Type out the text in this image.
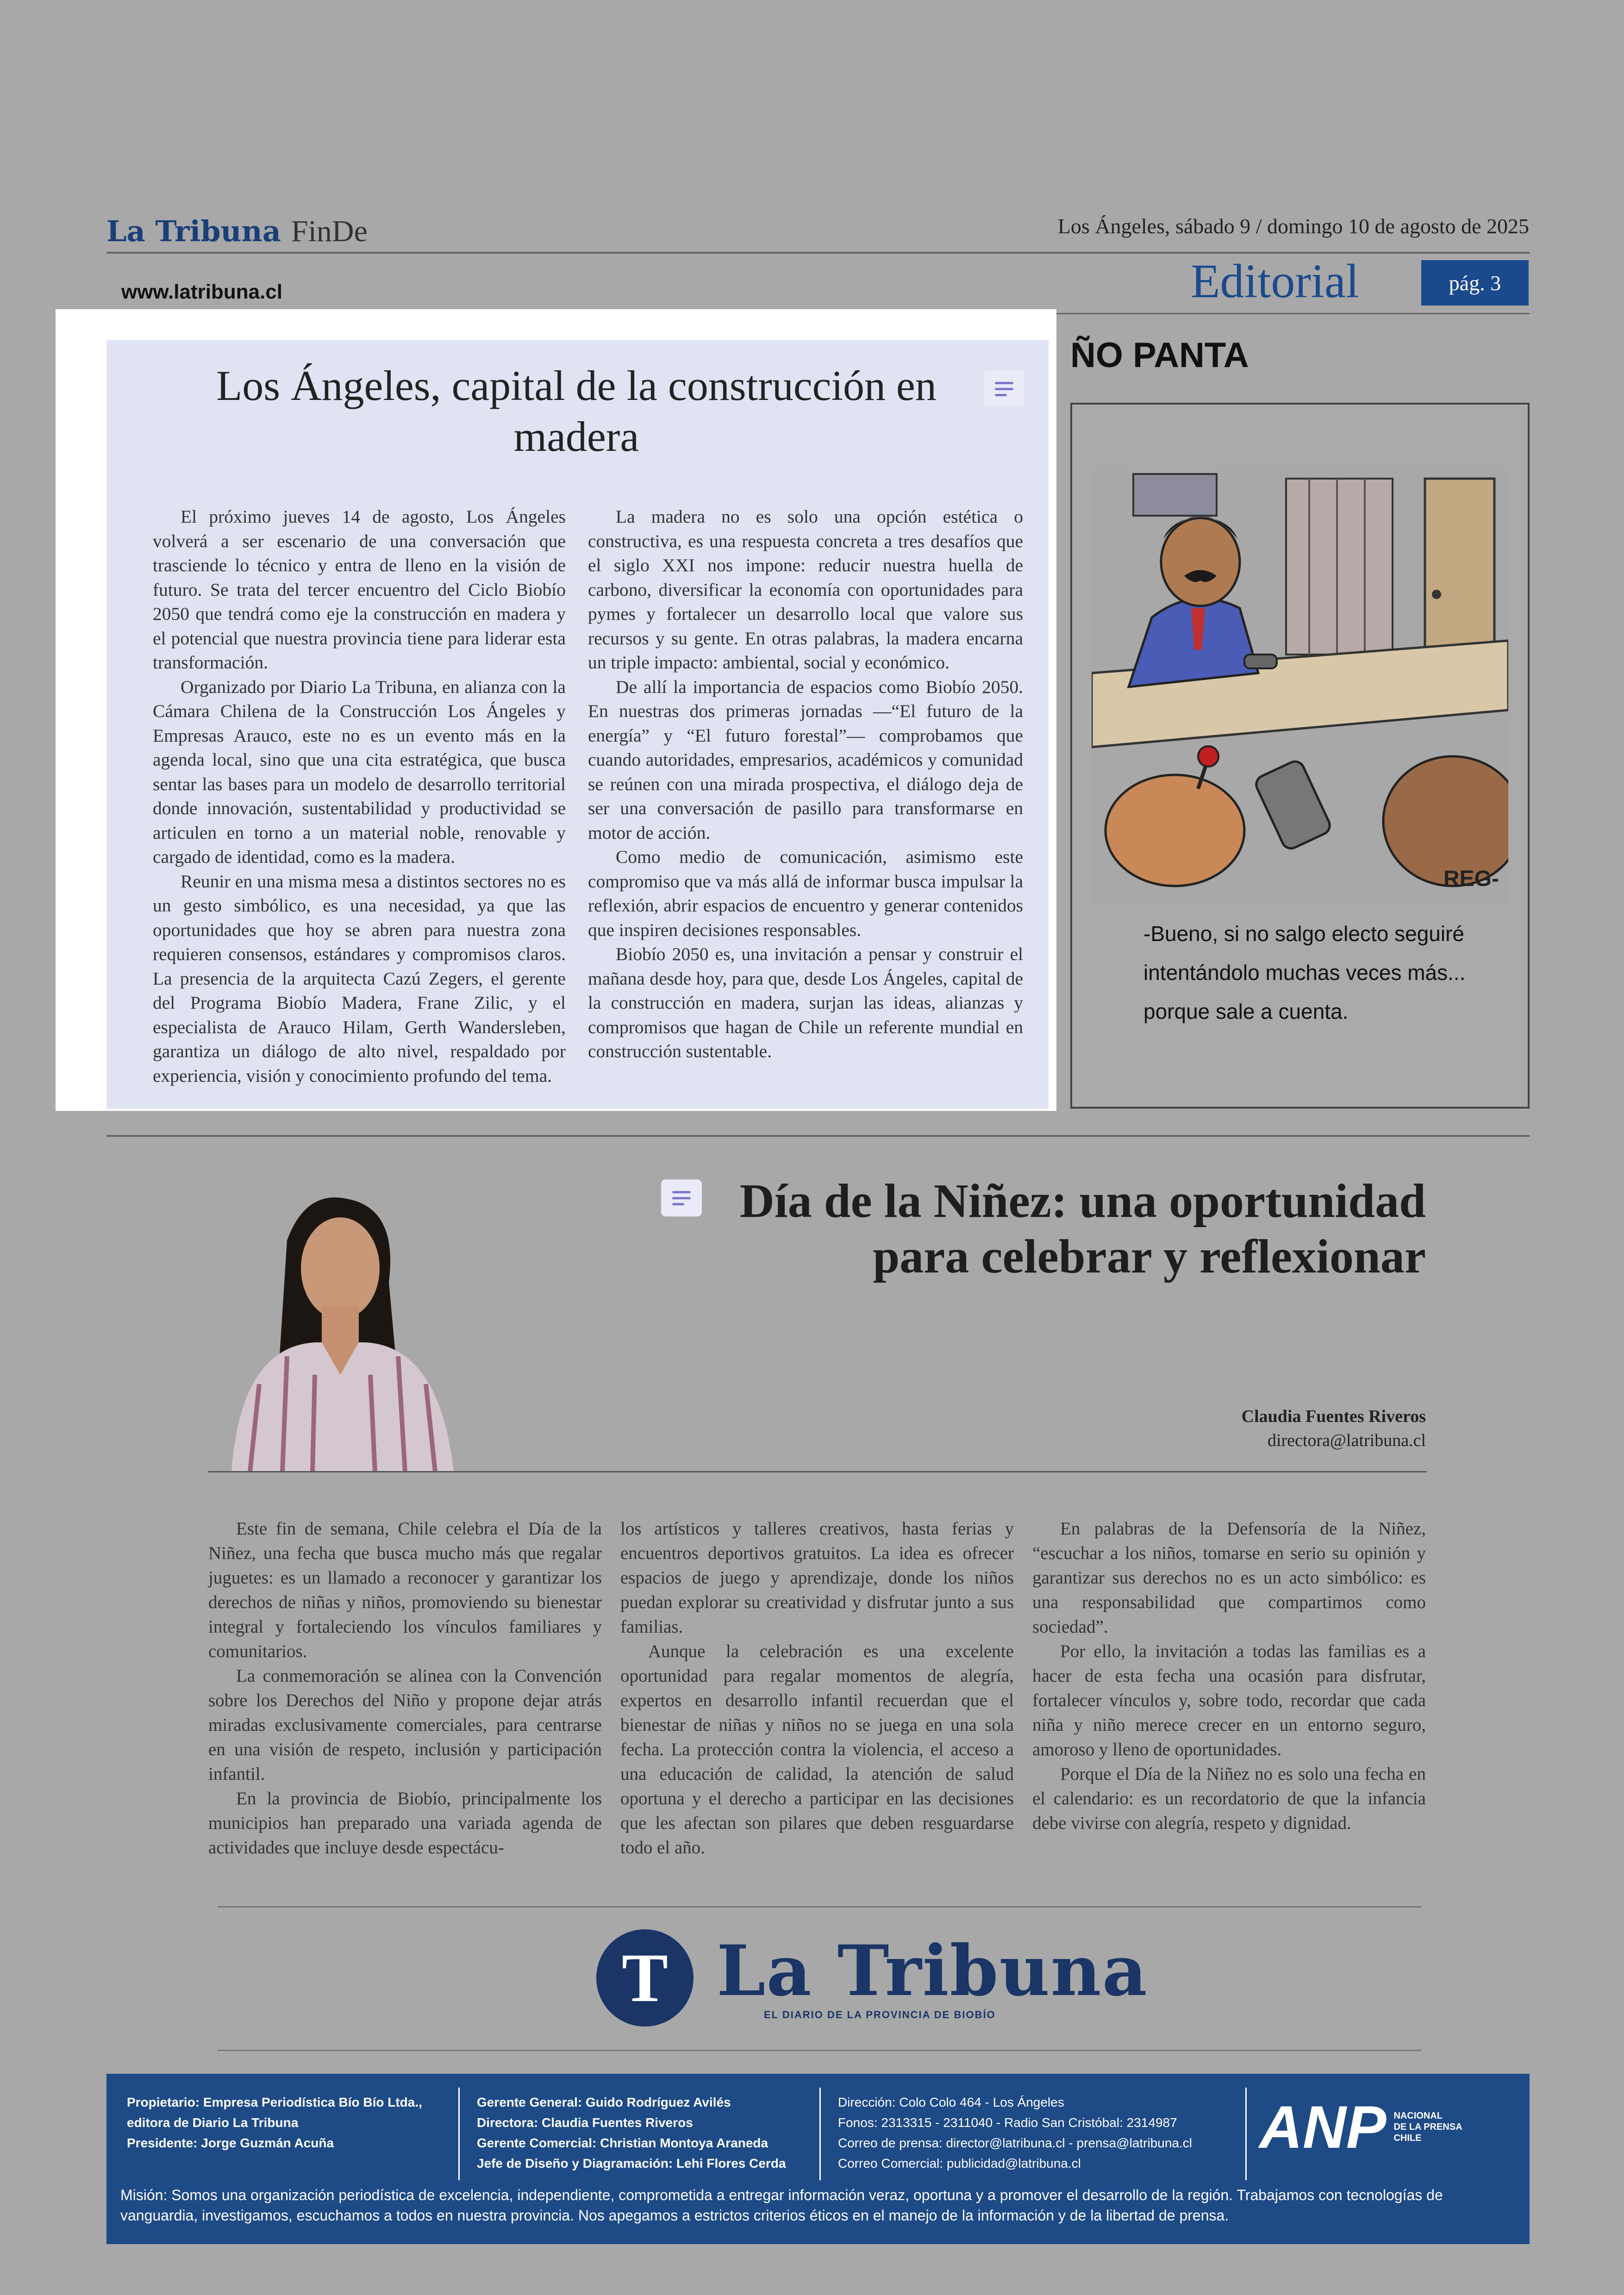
La Tribuna FinDe	Los Ángeles, sábado 9 / domingo 10 de agosto de 2025
www.latribuna.cl	Editorial	pág. 3
Los Ángeles, capital de la construcción en madera

El próximo jueves 14 de agosto, Los Ángeles volverá a ser escenario de una conversación que trasciende lo técnico y entra de lleno en la visión de futuro. Se trata del tercer encuentro del Ciclo Biobío 2050 que tendrá como eje la construcción en madera y el potencial que nuestra provincia tiene para liderar esta transformación.

Organizado por Diario La Tribuna, en alianza con la Cámara Chilena de la Construcción Los Ángeles y Empresas Arauco, este no es un evento más en la agenda local, sino que una cita estratégica, que busca sentar las bases para un modelo de desarrollo territorial donde innovación, sustentabilidad y productividad se articulen en torno a un material noble, renovable y cargado de identidad, como es la madera.

Reunir en una misma mesa a distintos sectores no es un gesto simbólico, es una necesidad, ya que las oportunidades que hoy se abren para nuestra zona requieren consensos, estándares y compromisos claros. La presencia de la arquitecta Cazú Zegers, el gerente del Programa Biobío Madera, Frane Zilic, y el especialista de Arauco Hilam, Gerth Wandersleben, garantiza un diálogo de alto nivel, respaldado por experiencia, visión y conocimiento profundo del tema.

La madera no es solo una opción estética o constructiva, es una respuesta concreta a tres desafíos que el siglo XXI nos impone: reducir nuestra huella de carbono, diversificar la economía con oportunidades para pymes y fortalecer un desarrollo local que valore sus recursos y su gente. En otras palabras, la madera encarna un triple impacto: ambiental, social y económico.

De allí la importancia de espacios como Biobío 2050. En nuestras dos primeras jornadas —“El futuro de la energía” y “El futuro forestal”— comprobamos que cuando autoridades, empresarios, académicos y comunidad se reúnen con una mirada prospectiva, el diálogo deja de ser una conversación de pasillo para transformarse en motor de acción.

Como medio de comunicación, asimismo este compromiso que va más allá de informar busca impulsar la reflexión, abrir espacios de encuentro y generar contenidos que inspiren decisiones responsables.

Biobío 2050 es, una invitación a pensar y construir el mañana desde hoy, para que, desde Los Ángeles, capital de la construcción en madera, surjan las ideas, alianzas y compromisos que hagan de Chile un referente mundial en construcción sustentable.

ÑO PANTA
REG-
-Bueno, si no salgo electo seguiré intentándolo muchas veces más... porque sale a cuenta.
Día de la Niñez: una oportunidad para celebrar y reflexionar
Claudia Fuentes Riveros
directora@latribuna.cl

Este fin de semana, Chile celebra el Día de la Niñez, una fecha que busca mucho más que regalar juguetes: es un llamado a reconocer y garantizar los derechos de niñas y niños, promoviendo su bienestar integral y fortaleciendo los vínculos familiares y comunitarios.

La conmemoración se alinea con la Convención sobre los Derechos del Niño y propone dejar atrás miradas exclusivamente comerciales, para centrarse en una visión de respeto, inclusión y participación infantil.

En la provincia de Biobío, principalmente los municipios han preparado una variada agenda de actividades que incluye desde espectácu-

los artísticos y talleres creativos, hasta ferias y encuentros deportivos gratuitos. La idea es ofrecer espacios de juego y aprendizaje, donde los niños puedan explorar su creatividad y disfrutar junto a sus familias.

Aunque la celebración es una excelente oportunidad para regalar momentos de alegría, expertos en desarrollo infantil recuerdan que el bienestar de niñas y niños no se juega en una sola fecha. La protección contra la violencia, el acceso a una educación de calidad, la atención de salud oportuna y el derecho a participar en las decisiones que les afectan son pilares que deben resguardarse todo el año.

En palabras de la Defensoría de la Niñez, “escuchar a los niños, tomarse en serio su opinión y garantizar sus derechos no es un acto simbólico: es una responsabilidad que compartimos como sociedad”.

Por ello, la invitación a todas las familias es a hacer de esta fecha una ocasión para disfrutar, fortalecer vínculos y, sobre todo, recordar que cada niña y niño merece crecer en un entorno seguro, amoroso y lleno de oportunidades.

Porque el Día de la Niñez no es solo una fecha en el calendario: es un recordatorio de que la infancia debe vivirse con alegría, respeto y dignidad.

T La Tribuna
EL DIARIO DE LA PROVINCIA DE BIOBÍO
Propietario: Empresa Periodística Bío Bío Ltda.,
editora de Diario La Tribuna
Presidente: Jorge Guzmán Acuña
Gerente General: Guido Rodríguez Avilés
Directora: Claudia Fuentes Riveros
Gerente Comercial: Christian Montoya Araneda
Jefe de Diseño y Diagramación: Lehi Flores Cerda
Dirección: Colo Colo 464 - Los Ángeles
Fonos: 2313315 - 2311040 - Radio San Cristóbal: 2314987
Correo de prensa: director@latribuna.cl - prensa@latribuna.cl
Correo Comercial: publicidad@latribuna.cl
ANP NACIONAL
DE LA PRENSA
CHILE
Misión: Somos una organización periodística de excelencia, independiente, comprometida a entregar información veraz, oportuna y a promover el desarrollo de la región. Trabajamos con tecnologías de vanguardia, investigamos, escuchamos a todos en nuestra provincia. Nos apegamos a estrictos criterios éticos en el manejo de la información y de la libertad de prensa.
